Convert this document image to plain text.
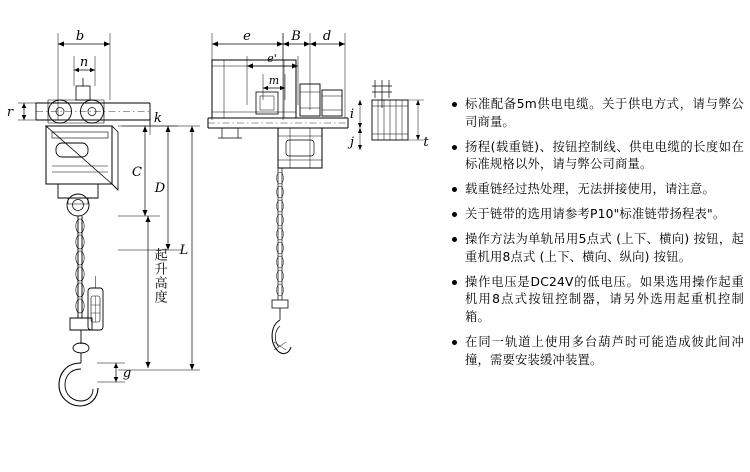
b
n
r	k
C
D
L
g
e	B d
e'
m
i
j	t
起升高度
标准配备5m供电电缆。关于供电方式，请与弊公司商量。
扬程(载重链)、按钮控制线、供电电缆的长度如在标准规格以外，请与弊公司商量。
载重链经过热处理，无法拼接使用，请注意。
关于链带的选用请参考P10"标准链带扬程表"。
操作方法为单轨吊用5点式 (上下、横向) 按钮，起重机用8点式 (上下、横向、纵向) 按钮。
操作电压是DC24V的低电压。如果选用操作起重机用8点式按钮控制器，请另外选用起重机控制箱。
在同一轨道上使用多台葫芦时可能造成彼此间冲撞，需要安装缓冲装置。
